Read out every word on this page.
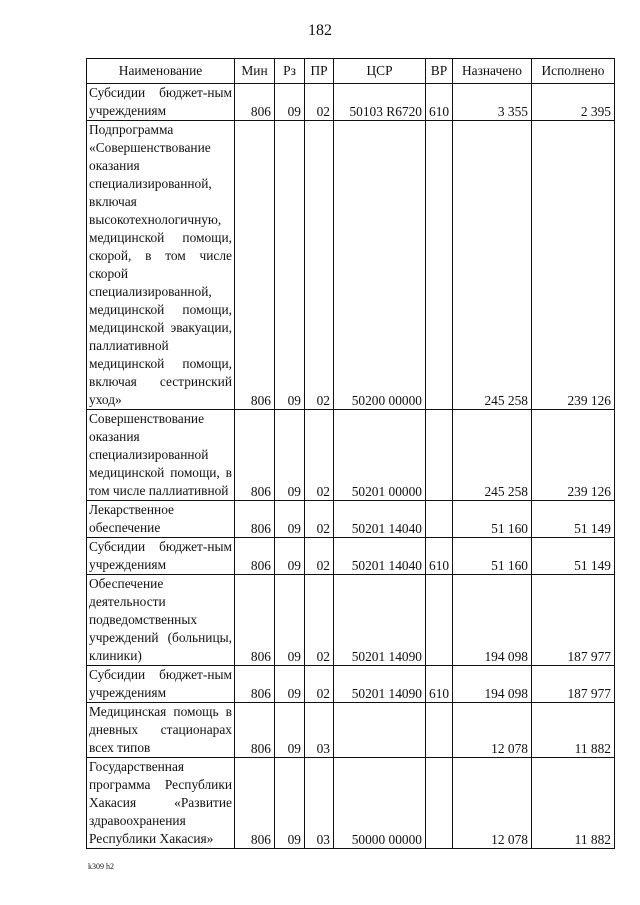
182
Наименование	Мин	Рз	ПР	ЦСР	ВР	Назначено	Исполнено
Субсидии бюджет-ным учреждениям	806	09	02	50103 R6720	610	3 355	2 395
Подпрограмма «Совершенствование оказания специализированной, включая высокотехнологичную, медицинской помощи, скорой, в том числе скорой специализированной, медицинской помощи, медицинской эвакуации, паллиативной медицинской помощи, включая сестринский уход»	806	09	02	50200 00000		245 258	239 126
Совершенствование оказания специализированной медицинской помощи, в том числе паллиативной	806	09	02	50201 00000		245 258	239 126
Лекарственное обеспечение	806	09	02	50201 14040		51 160	51 149
Субсидии бюджет-ным учреждениям	806	09	02	50201 14040	610	51 160	51 149
Обеспечение деятельности подведомственных учреждений (больницы, клиники)	806	09	02	50201 14090		194 098	187 977
Субсидии бюджет-ным учреждениям	806	09	02	50201 14090	610	194 098	187 977
Медицинская помощь в дневных стационарах всех типов	806	09	03			12 078	11 882
Государственная программа Республики Хакасия «Развитие здравоохранения Республики Хакасия»	806	09	03	50000 00000		12 078	11 882
k309 h2
